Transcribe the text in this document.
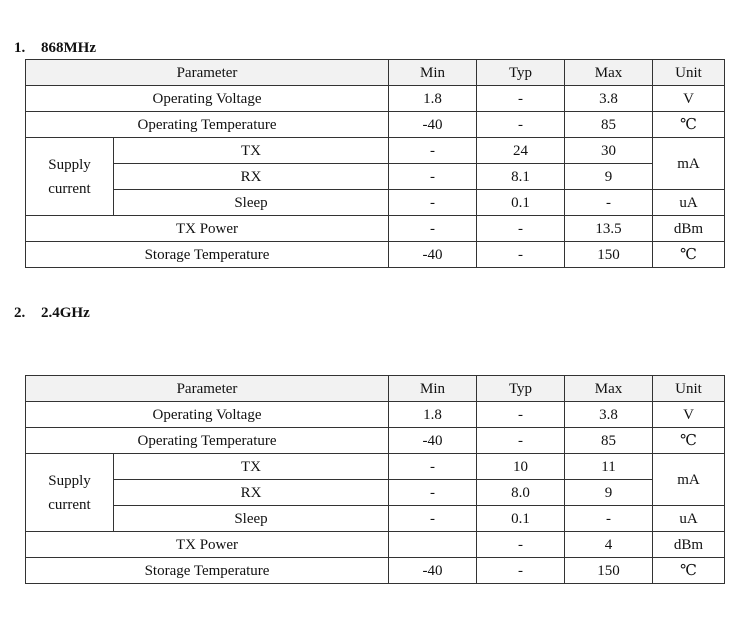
1. 868MHz
Parameter		Min	Typ	Max	Unit
Operating Voltage		1.8	-	3.8	V
Operating Temperature		-40	-	85	℃
Supply
current	TX	-	24	30	mA
	RX	-	8.1	9	
	Sleep	-	0.1	-	uA
TX Power		-	-	13.5	dBm
Storage Temperature		-40	-	150	℃
2. 2.4GHz
Parameter		Min	Typ	Max	Unit
Operating Voltage		1.8	-	3.8	V
Operating Temperature		-40	-	85	℃
Supply
current	TX	-	10	11	mA
	RX	-	8.0	9	
	Sleep	-	0.1	-	uA
TX Power			-	4	dBm
Storage Temperature		-40	-	150	℃
